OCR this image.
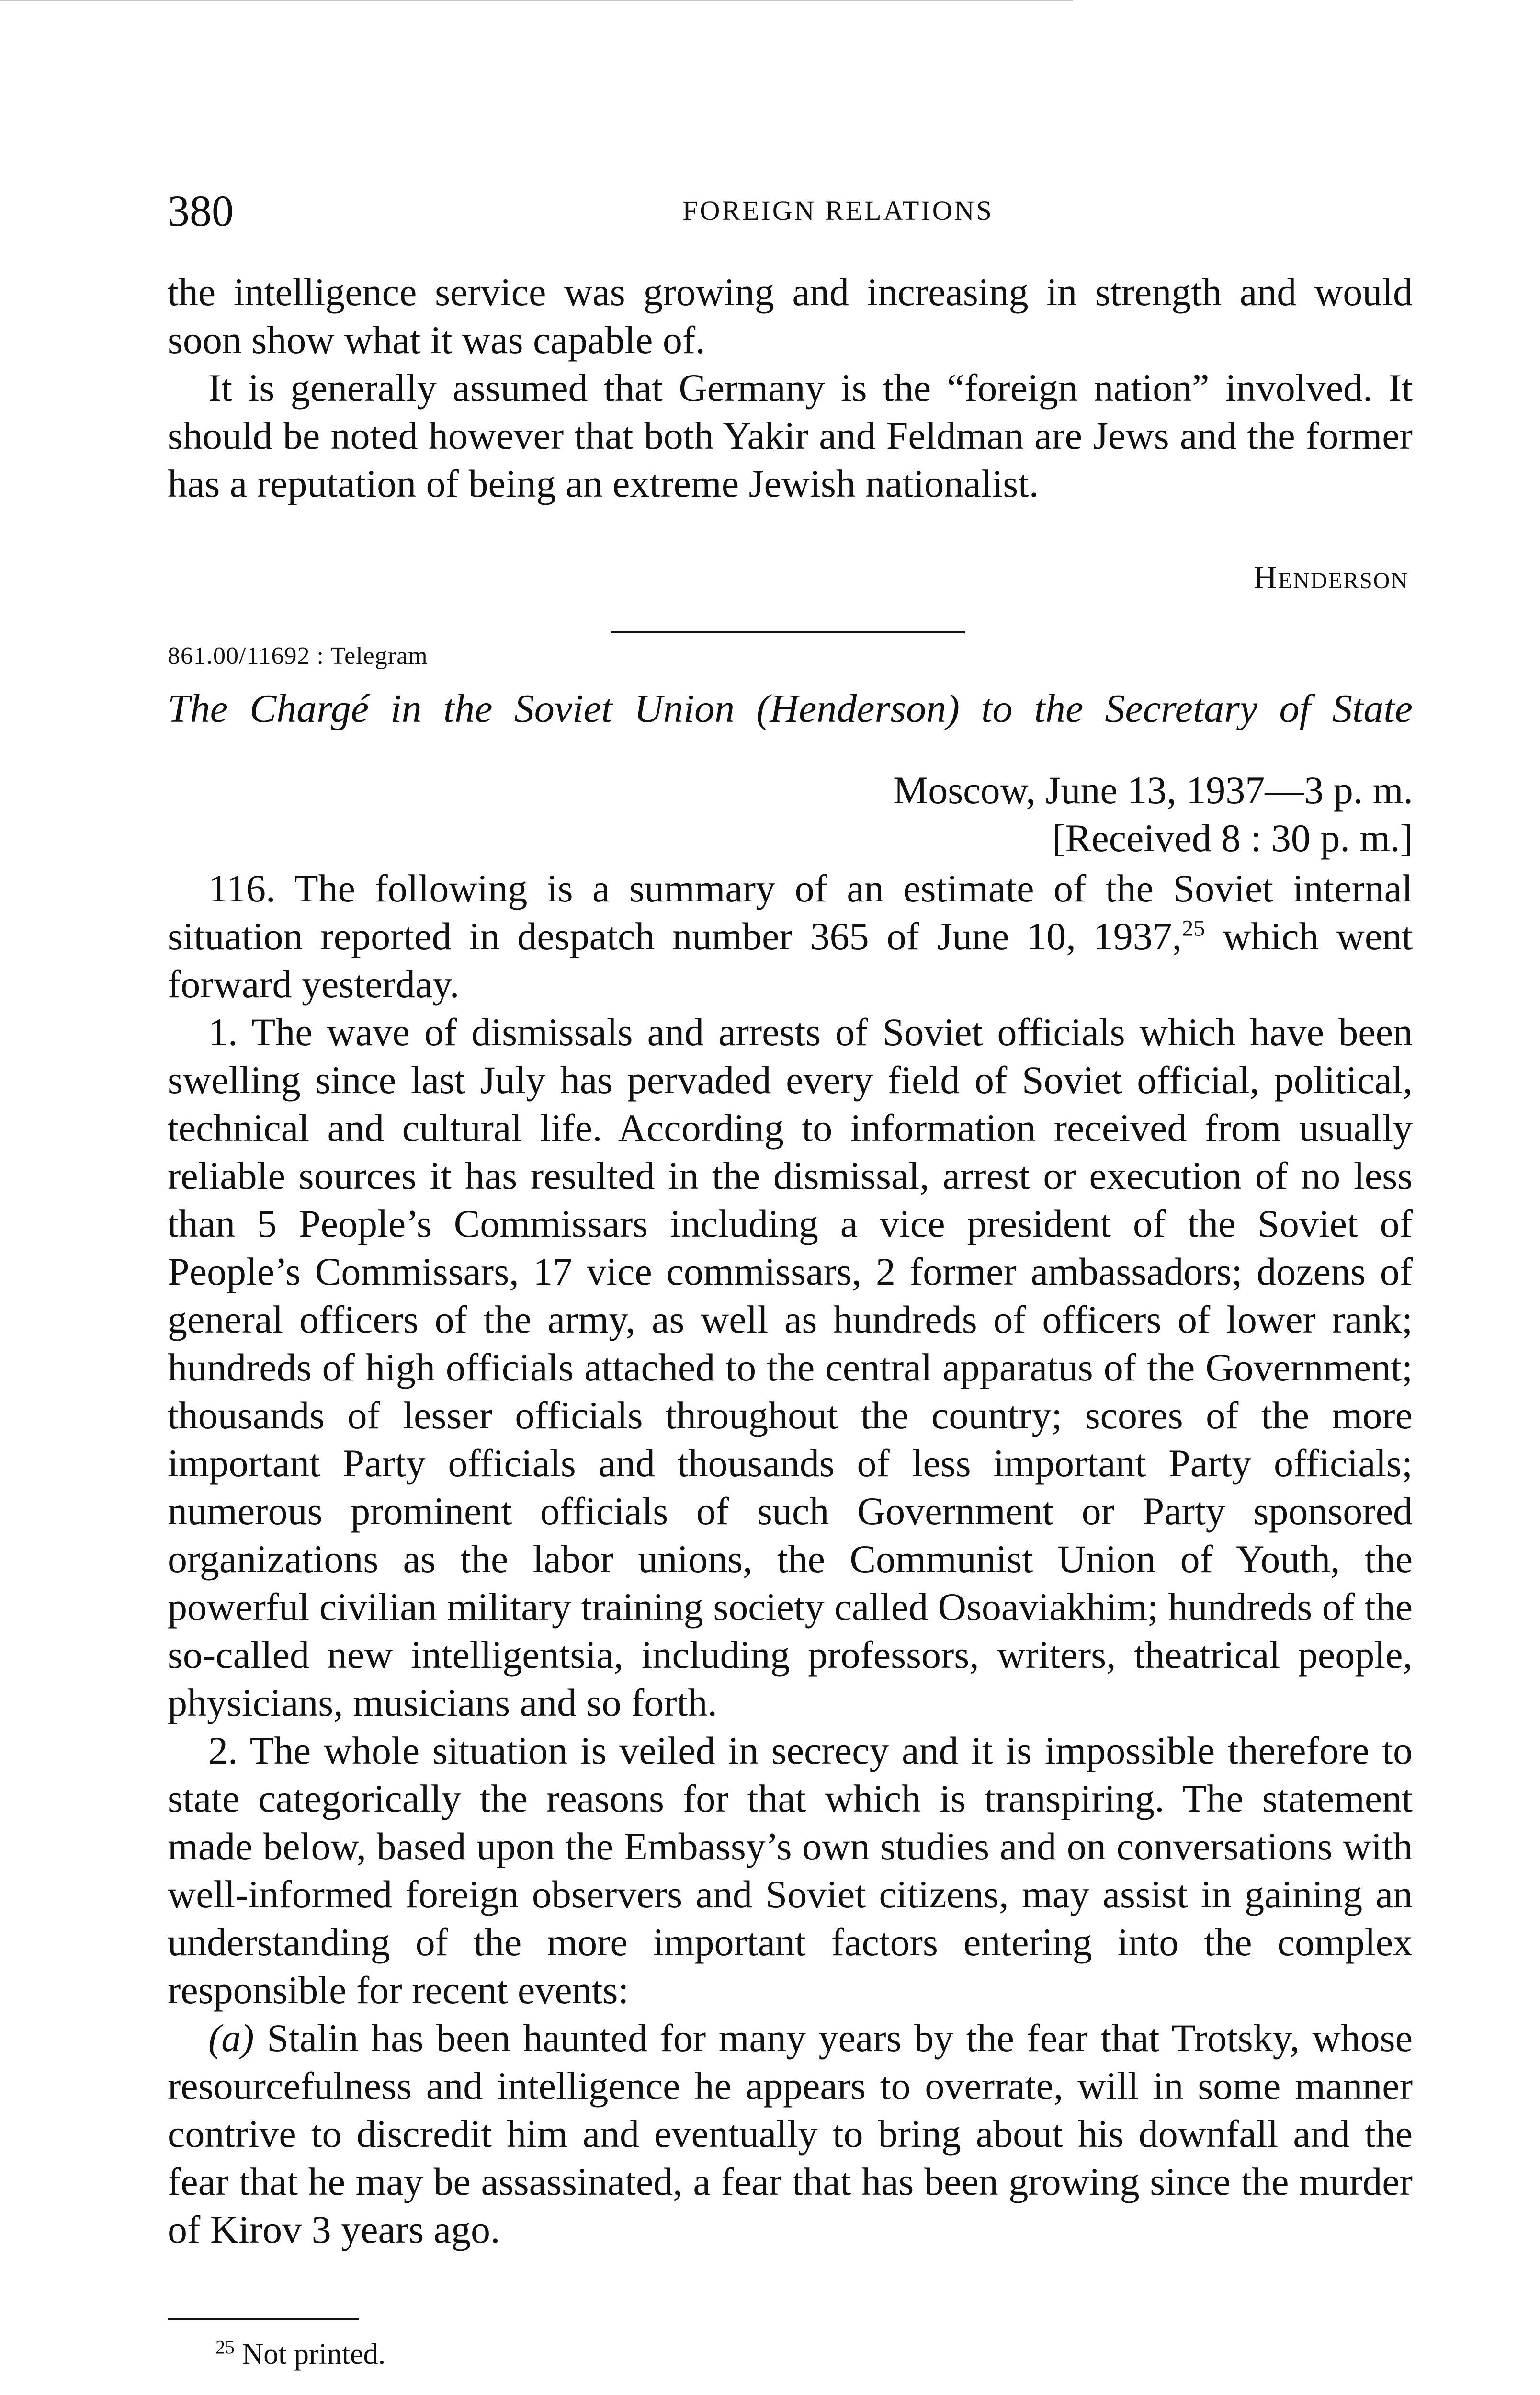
380	FOREIGN RELATIONS

the intelligence service was growing and increasing in strength and would soon show what it was capable of.

It is generally assumed that Germany is the “foreign nation” involved. It should be noted however that both Yakir and Feldman are Jews and the former has a reputation of being an extreme Jewish nationalist.

Henderson
861.00/11692 : Telegram
The Chargé in the Soviet Union (Henderson) to the Secretary of State
Moscow, June 13, 1937—3 p. m.
[Received 8 : 30 p. m.]

116. The following is a summary of an estimate of the Soviet internal situation reported in despatch number 365 of June 10, 1937,25 which went forward yesterday.

1. The wave of dismissals and arrests of Soviet officials which have been swelling since last July has pervaded every field of Soviet official, political, technical and cultural life. According to information received from usually reliable sources it has resulted in the dismissal, arrest or execution of no less than 5 People’s Commissars including a vice president of the Soviet of People’s Commissars, 17 vice commissars, 2 former ambassadors; dozens of general officers of the army, as well as hundreds of officers of lower rank; hundreds of high officials attached to the central apparatus of the Government; thousands of lesser officials throughout the country; scores of the more important Party officials and thousands of less important Party officials; numerous prominent officials of such Government or Party sponsored organizations as the labor unions, the Communist Union of Youth, the powerful civilian military training society called Osoaviakhim; hundreds of the so-called new intelligentsia, including professors, writers, theatrical people, physicians, musicians and so forth.

2. The whole situation is veiled in secrecy and it is impossible therefore to state categorically the reasons for that which is transpiring. The statement made below, based upon the Embassy’s own studies and on conversations with well-informed foreign observers and Soviet citizens, may assist in gaining an understanding of the more important factors entering into the complex responsible for recent events:

(a) Stalin has been haunted for many years by the fear that Trotsky, whose resourcefulness and intelligence he appears to overrate, will in some manner contrive to discredit him and eventually to bring about his downfall and the fear that he may be assassinated, a fear that has been growing since the murder of Kirov 3 years ago.

$^{25}$ Not printed.
